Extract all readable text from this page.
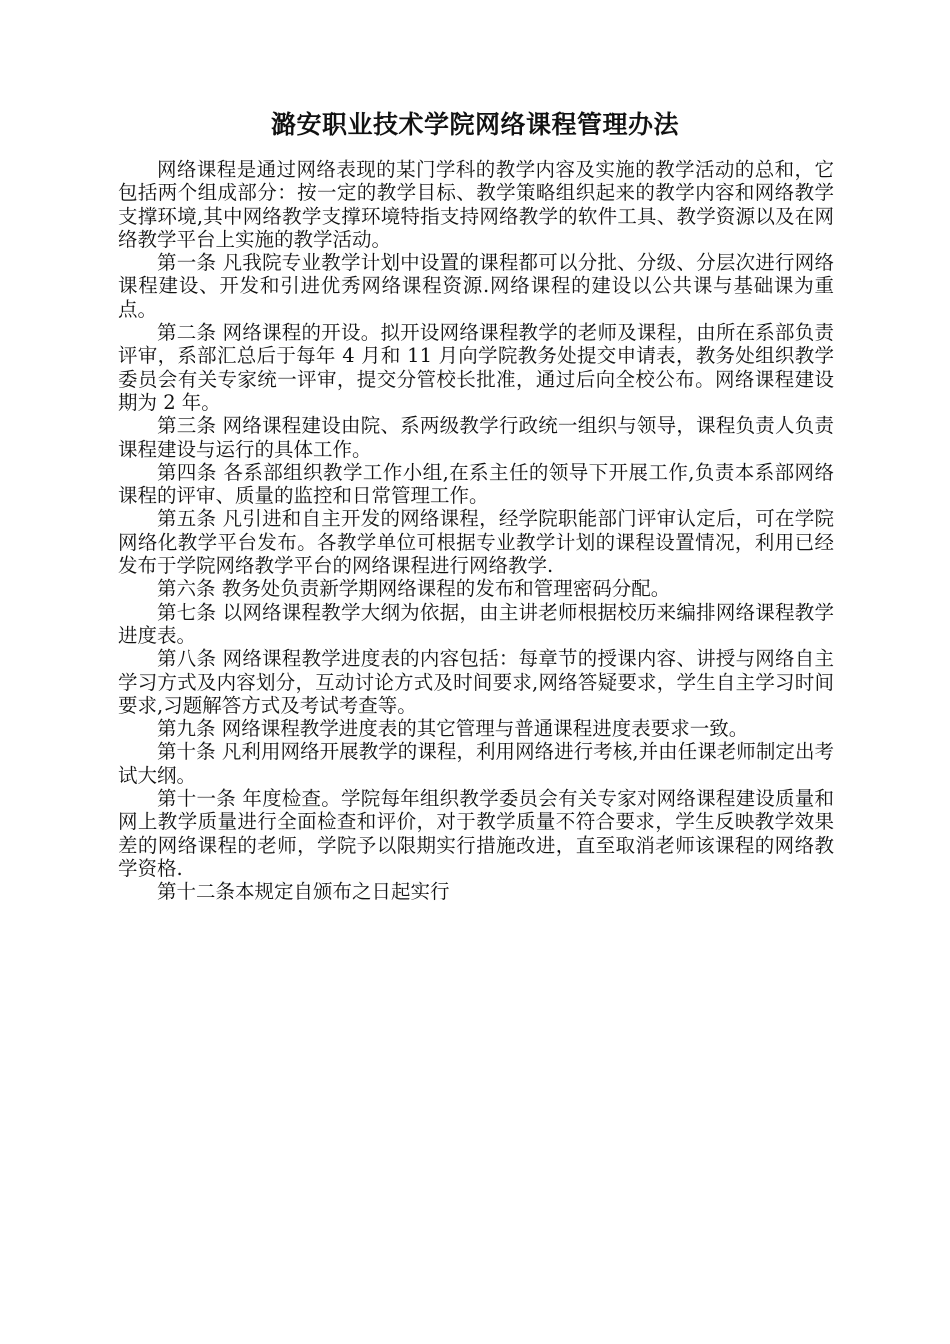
潞安职业技术学院网络课程管理办法

网络课程是通过网络表现的某门学科的教学内容及实施的教学活动的总和，它包括两个组成部分：按一定的教学目标、教学策略组织起来的教学内容和网络教学支撑环境,其中网络教学支撑环境特指支持网络教学的软件工具、教学资源以及在网络教学平台上实施的教学活动。

第一条 凡我院专业教学计划中设置的课程都可以分批、分级、分层次进行网络课程建设、开发和引进优秀网络课程资源.网络课程的建设以公共课与基础课为重点。

第二条 网络课程的开设。拟开设网络课程教学的老师及课程，由所在系部负责评审，系部汇总后于每年 4 月和 11 月向学院教务处提交申请表，教务处组织教学委员会有关专家统一评审，提交分管校长批准，通过后向全校公布。网络课程建设期为 2 年。

第三条 网络课程建设由院、系两级教学行政统一组织与领导，课程负责人负责课程建设与运行的具体工作。

第四条 各系部组织教学工作小组,在系主任的领导下开展工作,负责本系部网络课程的评审、质量的监控和日常管理工作。

第五条 凡引进和自主开发的网络课程，经学院职能部门评审认定后，可在学院网络化教学平台发布。各教学单位可根据专业教学计划的课程设置情况，利用已经发布于学院网络教学平台的网络课程进行网络教学.

第六条 教务处负责新学期网络课程的发布和管理密码分配。

第七条 以网络课程教学大纲为依据，由主讲老师根据校历来编排网络课程教学进度表。

第八条 网络课程教学进度表的内容包括：每章节的授课内容、讲授与网络自主学习方式及内容划分，互动讨论方式及时间要求,网络答疑要求，学生自主学习时间要求,习题解答方式及考试考查等。

第九条 网络课程教学进度表的其它管理与普通课程进度表要求一致。

第十条 凡利用网络开展教学的课程，利用网络进行考核,并由任课老师制定出考试大纲。

第十一条 年度检查。学院每年组织教学委员会有关专家对网络课程建设质量和网上教学质量进行全面检查和评价，对于教学质量不符合要求，学生反映教学效果差的网络课程的老师，学院予以限期实行措施改进，直至取消老师该课程的网络教学资格.

第十二条本规定自颁布之日起实行
